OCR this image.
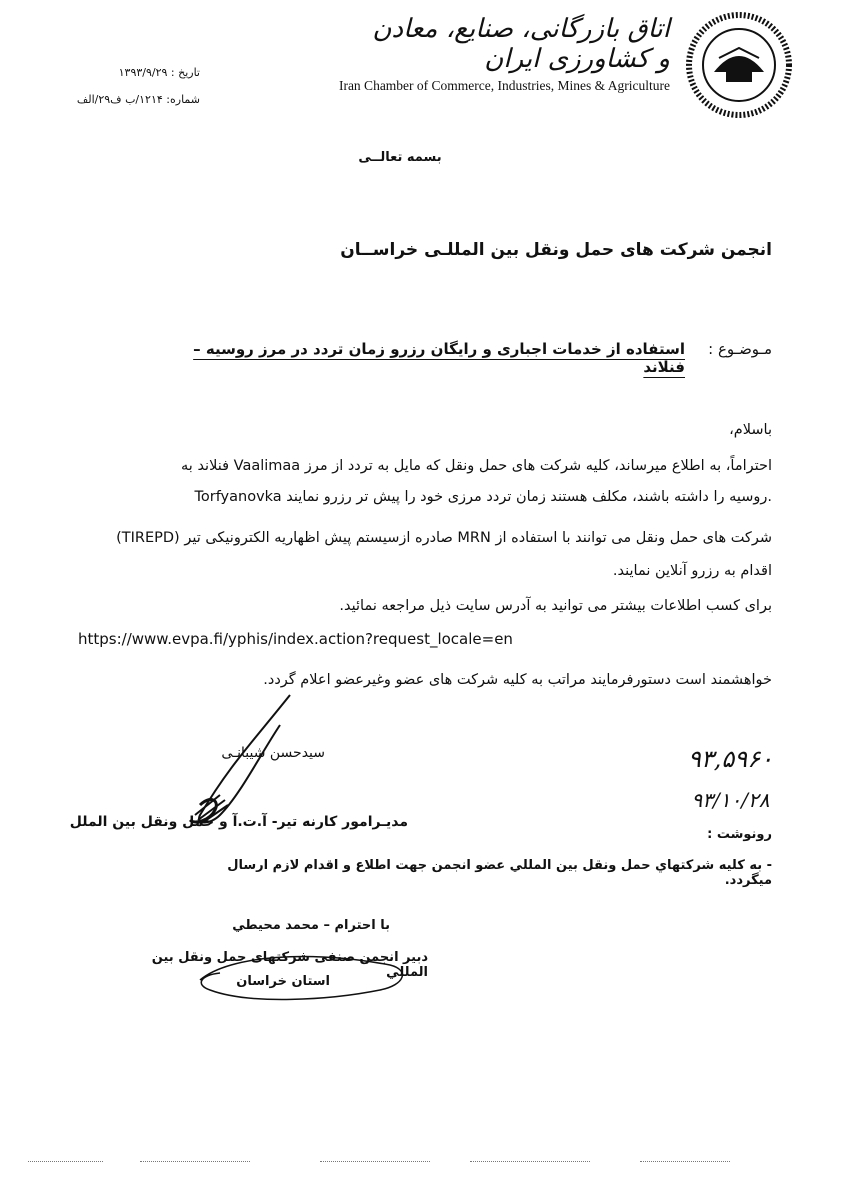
اتاق بازرگانی، صنایع، معادن و کشاورزی ایران
Iran Chamber of Commerce, Industries, Mines & Agriculture
تاریخ : ۱۳۹۳/۹/۲۹
شماره: ۱۲۱۴/ب ف۲۹/الف
بسمه تعالــی
انجمن شرکت های حمل ونقل بین المللـی خراســان
مـوضـوع :
استفاده از خدمات اجباری و رایگان رزرو زمان تردد در مرز روسیه – فنلاند
باسلام،
احتراماً، به اطلاع میرساند، کلیه شرکت های حمل ونقل که مایل به تردد از مرز Vaalimaa فنلاند به
Torfyanovka روسیه را داشته باشند، مکلف هستند زمان تردد مرزی خود را پیش تر رزرو نمایند.
شرکت های حمل ونقل می توانند با استفاده از MRN صادره ازسیستم پیش اظهاریه الکترونیکی تیر (TIREPD)
اقدام به رزرو آنلاین نمایند.
برای کسب اطلاعات بیشتر می توانید به آدرس سایت ذیل مراجعه نمائید.
https://www.evpa.fi/yphis/index.action?request_locale=en
خواهشمند است دستورفرمایند مراتب به کلیه شرکت های عضو وغیرعضو اعلام گردد.
سیدحسن شیبانـی
مدیـرامور کارنه تیر- آ.ت.آ و حمل ونقل بین الملل
۹۳,۵۹۶۰
۹۳/۱۰/۲۸
رونوشت :
- به کلیه شرکتهاي حمل ونقل بین المللي عضو انجمن جهت اطلاع و اقدام لازم ارسال میگردد.
با احترام – محمد محیطي
دبیر انجمن صنفی شرکتهای حمل ونقل بین المللي
استان خراسان
